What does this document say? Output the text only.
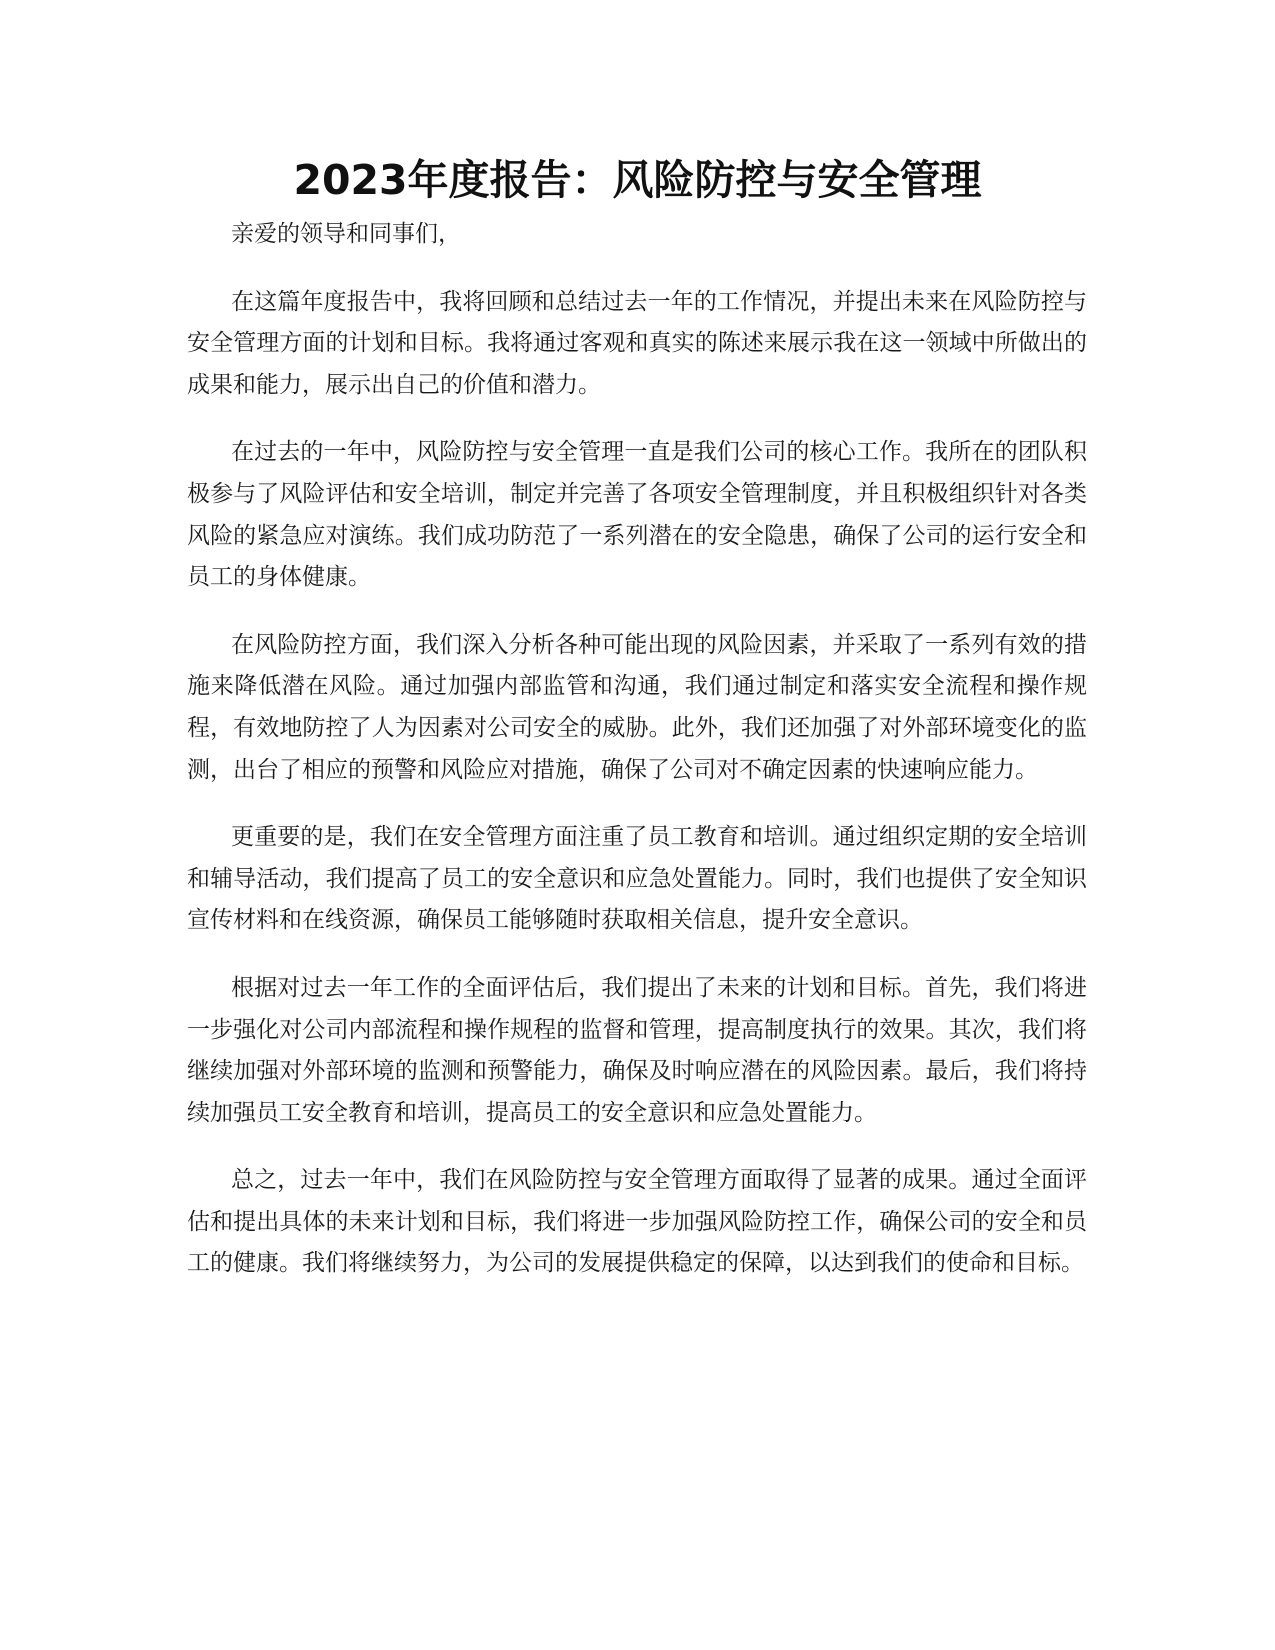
2023年度报告：风险防控与安全管理

亲爱的领导和同事们，

在这篇年度报告中，我将回顾和总结过去一年的工作情况，并提出未来在风险防控与安全管理方面的计划和目标。我将通过客观和真实的陈述来展示我在这一领域中所做出的成果和能力，展示出自己的价值和潜力。

在过去的一年中，风险防控与安全管理一直是我们公司的核心工作。我所在的团队积极参与了风险评估和安全培训，制定并完善了各项安全管理制度，并且积极组织针对各类风险的紧急应对演练。我们成功防范了一系列潜在的安全隐患，确保了公司的运行安全和员工的身体健康。

在风险防控方面，我们深入分析各种可能出现的风险因素，并采取了一系列有效的措施来降低潜在风险。通过加强内部监管和沟通，我们通过制定和落实安全流程和操作规程，有效地防控了人为因素对公司安全的威胁。此外，我们还加强了对外部环境变化的监测，出台了相应的预警和风险应对措施，确保了公司对不确定因素的快速响应能力。

更重要的是，我们在安全管理方面注重了员工教育和培训。通过组织定期的安全培训和辅导活动，我们提高了员工的安全意识和应急处置能力。同时，我们也提供了安全知识宣传材料和在线资源，确保员工能够随时获取相关信息，提升安全意识。

根据对过去一年工作的全面评估后，我们提出了未来的计划和目标。首先，我们将进一步强化对公司内部流程和操作规程的监督和管理，提高制度执行的效果。其次，我们将继续加强对外部环境的监测和预警能力，确保及时响应潜在的风险因素。最后，我们将持续加强员工安全教育和培训，提高员工的安全意识和应急处置能力。

总之，过去一年中，我们在风险防控与安全管理方面取得了显著的成果。通过全面评估和提出具体的未来计划和目标，我们将进一步加强风险防控工作，确保公司的安全和员工的健康。我们将继续努力，为公司的发展提供稳定的保障，以达到我们的使命和目标。
